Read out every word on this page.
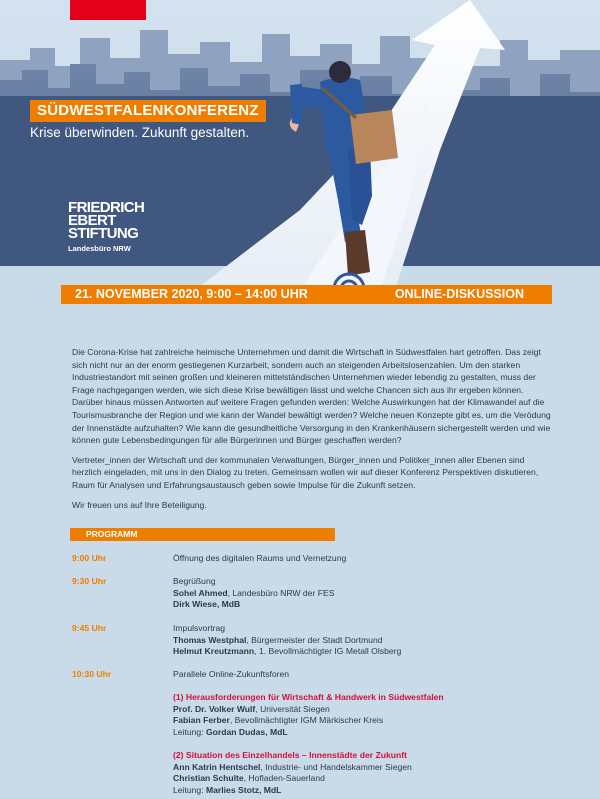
SÜDWESTFALENKONFERENZ
Krise überwinden. Zukunft gestalten.
FRIEDRICH
EBERT
STIFTUNG
Landesbüro NRW
21. NOVEMBER 2020, 9:00 – 14:00 UHR	ONLINE-DISKUSSION

Die Corona-Krise hat zahlreiche heimische Unternehmen und damit die Wirtschaft in Südwestfalen hart getroffen. Das zeigt sich nicht nur an der enorm gestiegenen Kurzarbeit, sondern auch an steigenden Arbeitslosenzahlen. Um den starken Industriestandort mit seinen großen und kleineren mittelständischen Unternehmen wieder lebendig zu gestalten, muss der Frage nachgegangen werden, wie sich diese Krise bewältigen lässt und welche Chancen sich aus ihr ergeben können. Darüber hinaus müssen Antworten auf weitere Fragen gefunden werden: Welche Auswirkungen hat der Klimawandel auf die Tourismusbranche der Region und wie kann der Wandel bewältigt werden? Welche neuen Konzepte gibt es, um die Verödung der Innenstädte aufzuhalten? Wie kann die gesundheitliche Versorgung in den Krankenhäusern sichergestellt werden und wie können gute Lebensbedingungen für alle Bürgerinnen und Bürger geschaffen werden?

Vertreter_innen der Wirtschaft und der kommunalen Verwaltungen, Bürger_innen und Politiker_innen aller Ebenen sind herzlich eingeladen, mit uns in den Dialog zu treten. Gemeinsam wollen wir auf dieser Konferenz Perspektiven diskutieren, Raum für Analysen und Erfahrungsaustausch geben sowie Impulse für die Zukunft setzen.

Wir freuen uns auf Ihre Beteiligung.

PROGRAMM
9:00 Uhr	Öffnung des digitalen Raums und Vernetzung
9:30 Uhr	Begrüßung
Sohel Ahmed, Landesbüro NRW der FES
Dirk Wiese, MdB
9:45 Uhr	Impulsvortrag
Thomas Westphal, Bürgermeister der Stadt Dortmund
Helmut Kreutzmann, 1. Bevollmächtigter IG Metall Olsberg
10:30 Uhr	Parallele Online-Zukunftsforen
(1) Herausforderungen für Wirtschaft & Handwerk in Südwestfalen
Prof. Dr. Volker Wulf, Universität Siegen
Fabian Ferber, Bevollmächtigter IGM Märkischer Kreis
Leitung: Gordan Dudas, MdL
(2) Situation des Einzelhandels – Innenstädte der Zukunft
Ann Katrin Hentschel, Industrie- und Handelskammer Siegen
Christian Schulte, Hofladen-Sauerland
Leitung: Marlies Stotz, MdL
